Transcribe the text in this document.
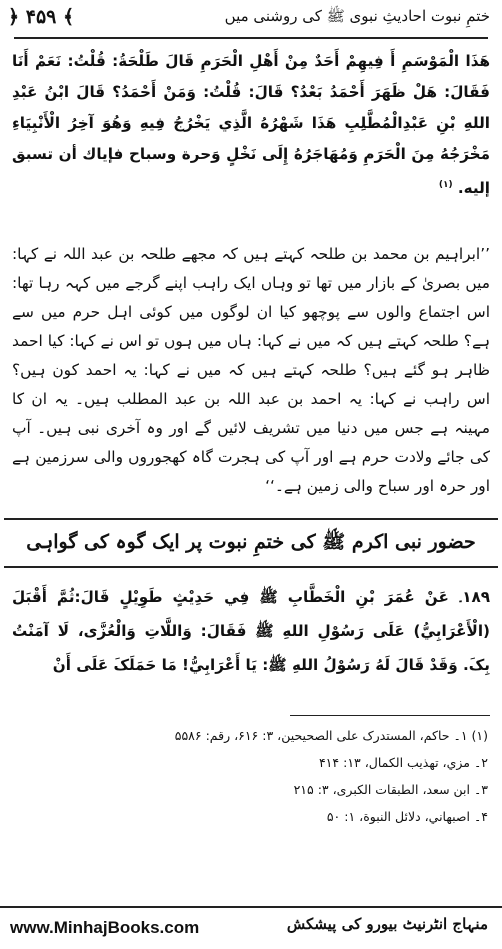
﴿ ۴۵۹ ﴾	ختمِ نبوت احادیثِ نبوی ﷺ کی روشنی میں
هَذَا الْمَوْسَمِ أَ فِيهِمْ أَحَدٌ مِنْ أَهْلِ الْحَرَمِ قَالَ طَلْحَةُ: قُلْتُ: نَعَمْ أَنَا فَقَالَ: هَلْ ظَهَرَ أَحْمَدُ بَعْدُ؟ قَالَ: قُلْتُ: وَمَنْ أَحْمَدُ؟ قَالَ ابْنُ عَبْدِ اللهِ بْنِ عَبْدِالْمُطَّلِبِ هَذَا شَهْرُهُ الَّذِي يَخْرُجُ فِيهِ وَهُوَ آخِرُ الْأَنْبِيَاءِ مَخْرَجُهُ مِنَ الْحَرَمِ وَمُهَاجَرُهُ إِلَى نَخْلٍ وَحرة وسباح فإياك أن تسبق إليه. $^{(۱)}$
’’ابراہیم بن محمد بن طلحہ کہتے ہیں کہ مجھے طلحہ بن عبد اللہ نے کہا: میں بصریٰ کے بازار میں تھا تو وہاں ایک راہب اپنے گرجے میں کہہ رہا تھا: اس اجتماع والوں سے پوچھو کیا ان لوگوں میں کوئی اہل حرم میں سے ہے؟ طلحہ کہتے ہیں کہ میں نے کہا: ہاں میں ہوں تو اس نے کہا: کیا احمد ظاہر ہو گئے ہیں؟ طلحہ کہتے ہیں کہ میں نے کہا: یہ احمد کون ہیں؟ اس راہب نے کہا: یہ احمد بن عبد اللہ بن عبد المطلب ہیں۔ یہ ان کا مہینہ ہے جس میں دنیا میں تشریف لائیں گے اور وہ آخری نبی ہیں۔ آپ کی جائے ولادت حرم ہے اور آپ کی ہجرت گاہ کھجوروں والی سرزمین ہے اور حرہ اور سباح والی زمین ہے۔‘‘
حضور نبی اکرم ﷺ کی ختمِ نبوت پر ایک گوہ کی گواہی
۱۸۹۔ عَنْ عُمَرَ بْنِ الْخَطَّابِ ﷺ فِي حَدِيْثٍ طَوِيْلٍ قَالَ:ثُمَّ أَقْبَلَ (الْأَعْرَابِيُّ) عَلَى رَسُوْلِ اللهِ ﷺ فَقَالَ: وَاللَّاتِ وَالْعُزَّى، لَا آمَنْتُ بِکَ. وَقَدْ قَالَ لَهُ رَسُوْلُ اللهِ ﷺ: يَا أَعْرَابِيُّ! مَا حَمَلَکَ عَلَى أَنْ
(۱) ۱۔ حاکم، المستدرک علی الصحیحین، ۳: ۶۱۶، رقم: ۵۵۸۶
۲۔ مزي، تهذیب الکمال، ۱۳: ۴۱۴
۳۔ ابن سعد، الطبقات الکبری، ۳: ۲۱۵
۴۔ اصبهاني، دلائل النبوة، ۱: ۵۰
www.MinhajBooks.com	منہاج انٹرنیٹ بیورو کی پیشکش
